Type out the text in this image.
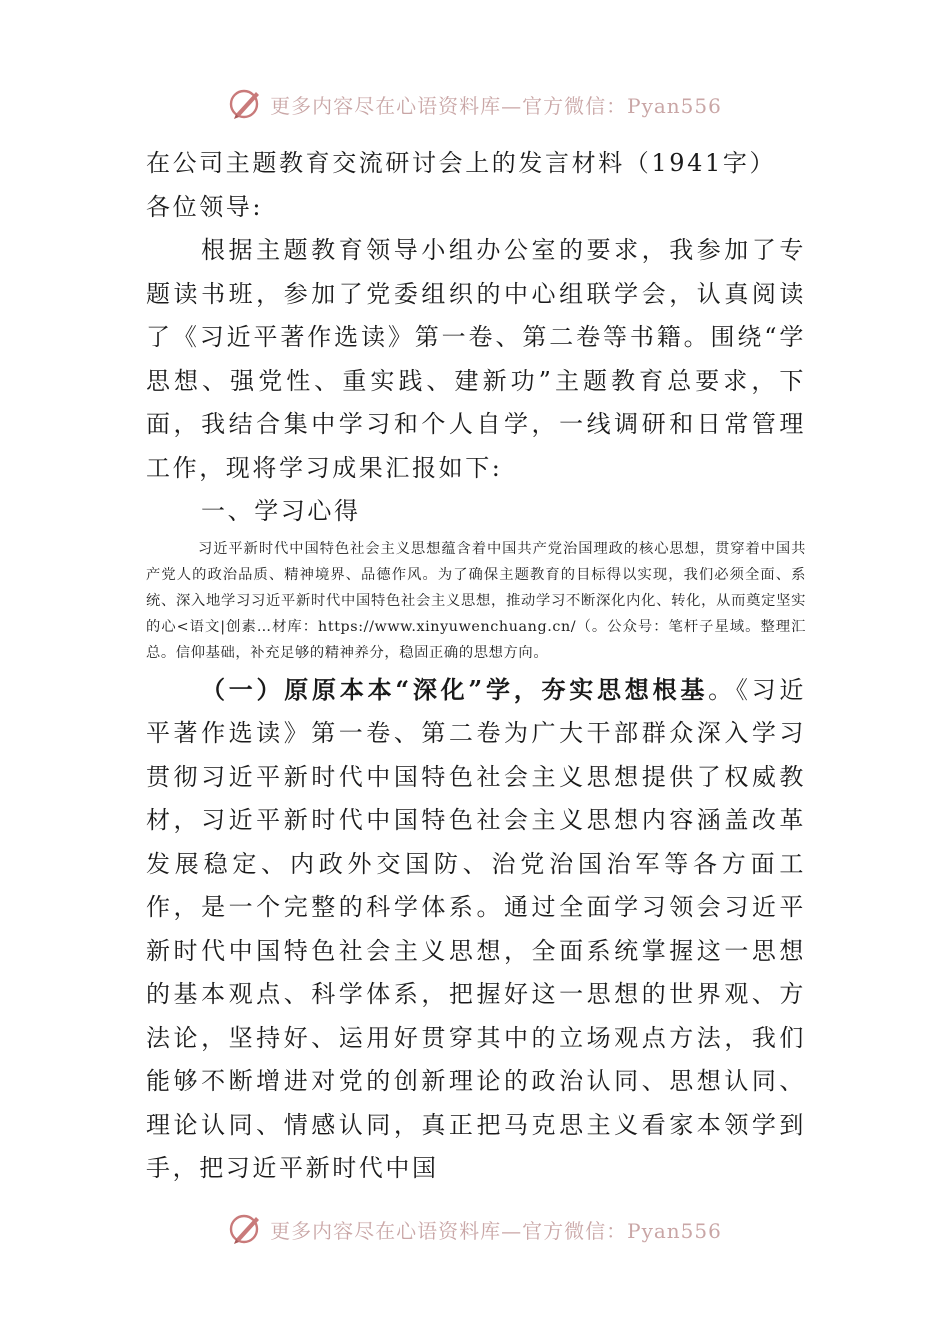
更多内容尽在心语资料库—官方微信：Pyan556

在公司主题教育交流研讨会上的发言材料（1941字）

各位领导:

根据主题教育领导小组办公室的要求，我参加了专题读书班，参加了党委组织的中心组联学会，认真阅读了《习近平著作选读》第一卷、第二卷等书籍。围绕“学思想、强党性、重实践、建新功”主题教育总要求，下面，我结合集中学习和个人自学，一线调研和日常管理工作，现将学习成果汇报如下:

一、学习心得

习近平新时代中国特色社会主义思想蕴含着中国共产党治国理政的核心思想，贯穿着中国共产党人的政治品质、精神境界、品德作风。为了确保主题教育的目标得以实现，我们必须全面、系统、深入地学习习近平新时代中国特色社会主义思想，推动学习不断深化内化、转化，从而奠定坚实的心<语文|创素…材库：https://www.xinyuwenchuang.cn/（。公众号：笔杆子星域。整理汇总。信仰基础，补充足够的精神养分，稳固正确的思想方向。

（一）原原本本“深化”学，夯实思想根基。《习近平著作选读》第一卷、第二卷为广大干部群众深入学习贯彻习近平新时代中国特色社会主义思想提供了权威教材，习近平新时代中国特色社会主义思想内容涵盖改革发展稳定、内政外交国防、治党治国治军等各方面工作，是一个完整的科学体系。通过全面学习领会习近平新时代中国特色社会主义思想，全面系统掌握这一思想的基本观点、科学体系，把握好这一思想的世界观、方法论，坚持好、运用好贯穿其中的立场观点方法，我们能够不断增进对党的创新理论的政治认同、思想认同、理论认同、情感认同，真正把马克思主义看家本领学到手，把习近平新时代中国

更多内容尽在心语资料库—官方微信：Pyan556
